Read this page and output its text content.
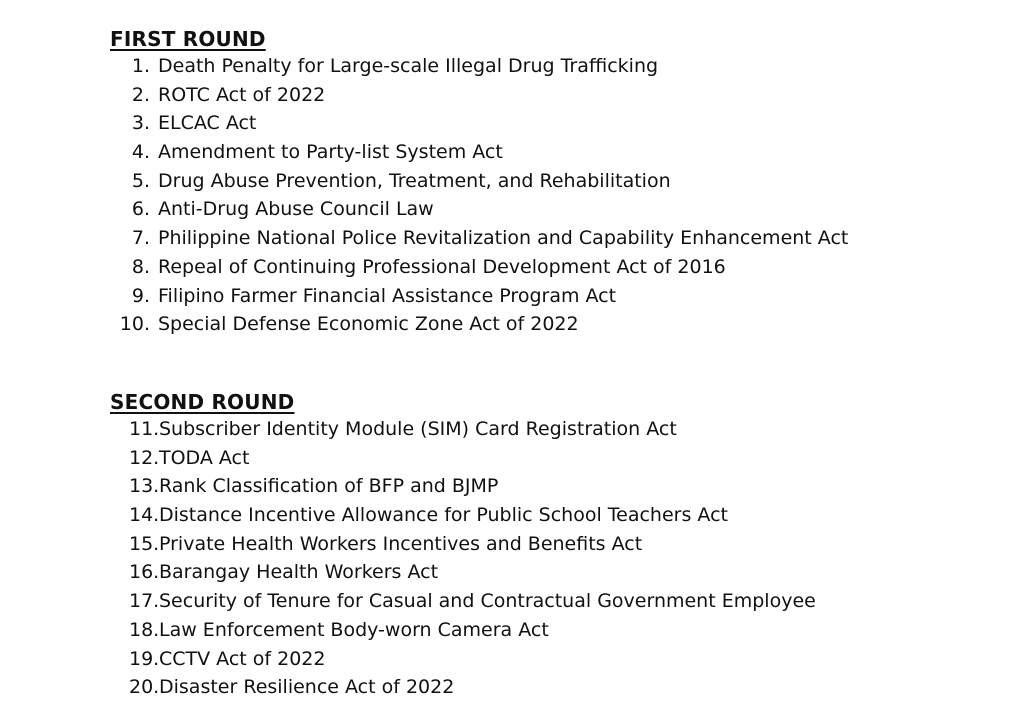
FIRST ROUND
1. Death Penalty for Large-scale Illegal Drug Trafficking
2. ROTC Act of 2022
3. ELCAC Act
4. Amendment to Party-list System Act
5. Drug Abuse Prevention, Treatment, and Rehabilitation
6. Anti-Drug Abuse Council Law
7. Philippine National Police Revitalization and Capability Enhancement Act
8. Repeal of Continuing Professional Development Act of 2016
9. Filipino Farmer Financial Assistance Program Act
10. Special Defense Economic Zone Act of 2022
SECOND ROUND
11. Subscriber Identity Module (SIM) Card Registration Act
12. TODA Act
13. Rank Classification of BFP and BJMP
14. Distance Incentive Allowance for Public School Teachers Act
15. Private Health Workers Incentives and Benefits Act
16. Barangay Health Workers Act
17. Security of Tenure for Casual and Contractual Government Employee
18. Law Enforcement Body-worn Camera Act
19. CCTV Act of 2022
20. Disaster Resilience Act of 2022
